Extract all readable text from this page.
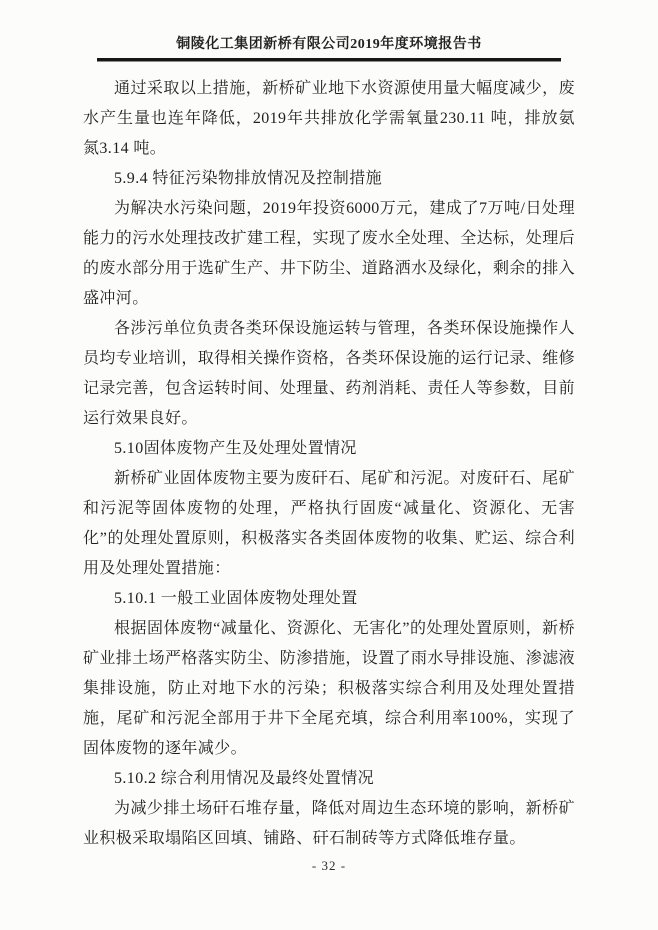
铜陵化工集团新桥有限公司2019年度环境报告书

通过采取以上措施，新桥矿业地下水资源使用量大幅度减少，废水产生量也连年降低，2019年共排放化学需氧量230.11 吨，排放氨氮3.14 吨。

5.9.4 特征污染物排放情况及控制措施

为解决水污染问题，2019年投资6000万元，建成了7万吨/日处理能力的污水处理技改扩建工程，实现了废水全处理、全达标，处理后的废水部分用于选矿生产、井下防尘、道路洒水及绿化，剩余的排入盛冲河。

各涉污单位负责各类环保设施运转与管理，各类环保设施操作人员均专业培训，取得相关操作资格，各类环保设施的运行记录、维修记录完善，包含运转时间、处理量、药剂消耗、责任人等参数，目前运行效果良好。

5.10固体废物产生及处理处置情况

新桥矿业固体废物主要为废矸石、尾矿和污泥。对废矸石、尾矿和污泥等固体废物的处理，严格执行固废“减量化、资源化、无害化”的处理处置原则，积极落实各类固体废物的收集、贮运、综合利用及处理处置措施：

5.10.1 一般工业固体废物处理处置

根据固体废物“减量化、资源化、无害化”的处理处置原则，新桥矿业排土场严格落实防尘、防渗措施，设置了雨水导排设施、渗滤液集排设施，防止对地下水的污染；积极落实综合利用及处理处置措施，尾矿和污泥全部用于井下全尾充填，综合利用率100%，实现了固体废物的逐年减少。

5.10.2 综合利用情况及最终处置情况

为减少排土场矸石堆存量，降低对周边生态环境的影响，新桥矿业积极采取塌陷区回填、铺路、矸石制砖等方式降低堆存量。

- 32 -
